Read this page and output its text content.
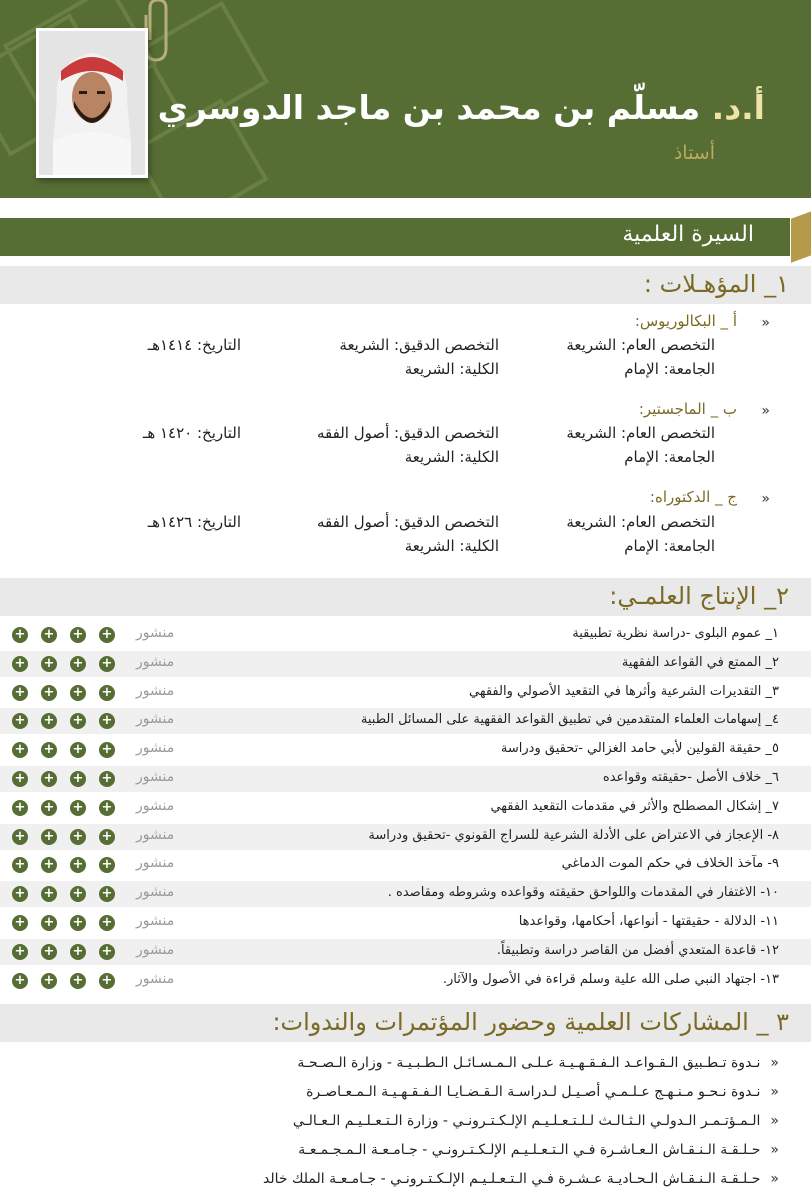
أ.د. مسلّم بن محمد بن ماجد الدوسري
أستاذ
السيرة العلمية
١_ المؤهـلات :
«
أ _ البكالوريوس:
التخصص العام: الشريعة
التخصص الدقيق: الشريعة
التاريخ: ١٤١٤هـ
الجامعة: الإمام
الكلية: الشريعة
«
ب _ الماجستير:
التخصص العام: الشريعة
التخصص الدقيق: أصول الفقه
التاريخ: ١٤٢٠ هـ
الجامعة: الإمام
الكلية: الشريعة
«
ج _ الدكتوراه:
التخصص العام: الشريعة
التخصص الدقيق: أصول الفقه
التاريخ: ١٤٢٦هـ
الجامعة: الإمام
الكلية: الشريعة
٢_ الإنتاج العلمـي:
١_ عموم البلوى -دراسة نظرية تطبيقية
منشور
+ + + +
٢_ الممتع في القواعد الفقهية
منشور
+ + + +
٣_ التقديرات الشرعية وأثرها في التقعيد الأصولي والفقهي
منشور
+ + + +
٤_ إسهامات العلماء المتقدمين في تطبيق القواعد الفقهية على المسائل الطبية
منشور
+ + + +
٥_ حقيقة القولين لأبي حامد الغزالي -تحقيق ودراسة
منشور
+ + + +
٦_ خلاف الأصل -حقيقته وقواعده
منشور
+ + + +
٧_ إشكال المصطلح والأثر في مقدمات التقعيد الفقهي
منشور
+ + + +
٨- الإعجاز في الاعتراض على الأدلة الشرعية للسراج القونوي -تحقيق ودراسة
منشور
+ + + +
٩- مآخذ الخلاف في حكم الموت الدماغي
منشور
+ + + +
١٠- الاغتفار في المقدمات واللواحق حقيقته وقواعده وشروطه ومقاصده .
منشور
+ + + +
١١- الدلالة - حقيقتها - أنواعها، أحكامها، وقواعدها
منشور
+ + + +
١٢- قاعدة المتعدي أفضل من القاصر دراسة وتطبيقاً.
منشور
+ + + +
١٣- اجتهاد النبي صلى الله علية وسلم قراءة في الأصول والآثار.
منشور
+ + + +
٣ _ المشاركات العلمية وحضور المؤتمرات والندوات:
«نـدوة تـطـبيق الـقـواعـد الـفـقـهـيـة عـلـى الـمـسـائـل الـطـبـيـة - وزارة الـصـحـة
«نـدوة نـحـو مـنـهـج عـلـمـي أصـيـل لـدراسـة الـقـضـايـا الـفـقـهـيـة الـمـعـاصـرة
«الـمـؤتـمـر الـدولـي الـثـالـث لـلـتـعـلـيـم الإلـكـتـرونـي - وزارة الـتـعـلـيـم الـعـالـي
«حـلـقـة الـنـقـاش الـعـاشـرة فـي الـتـعـلـيـم الإلـكـتـرونـي - جـامـعـة الـمـجـمـعـة
«حـلـقـة الـنـقـاش الـحـاديـة عـشـرة فـي الـتـعـلـيـم الإلـكـتـرونـي - جـامـعـة الملك خالد
